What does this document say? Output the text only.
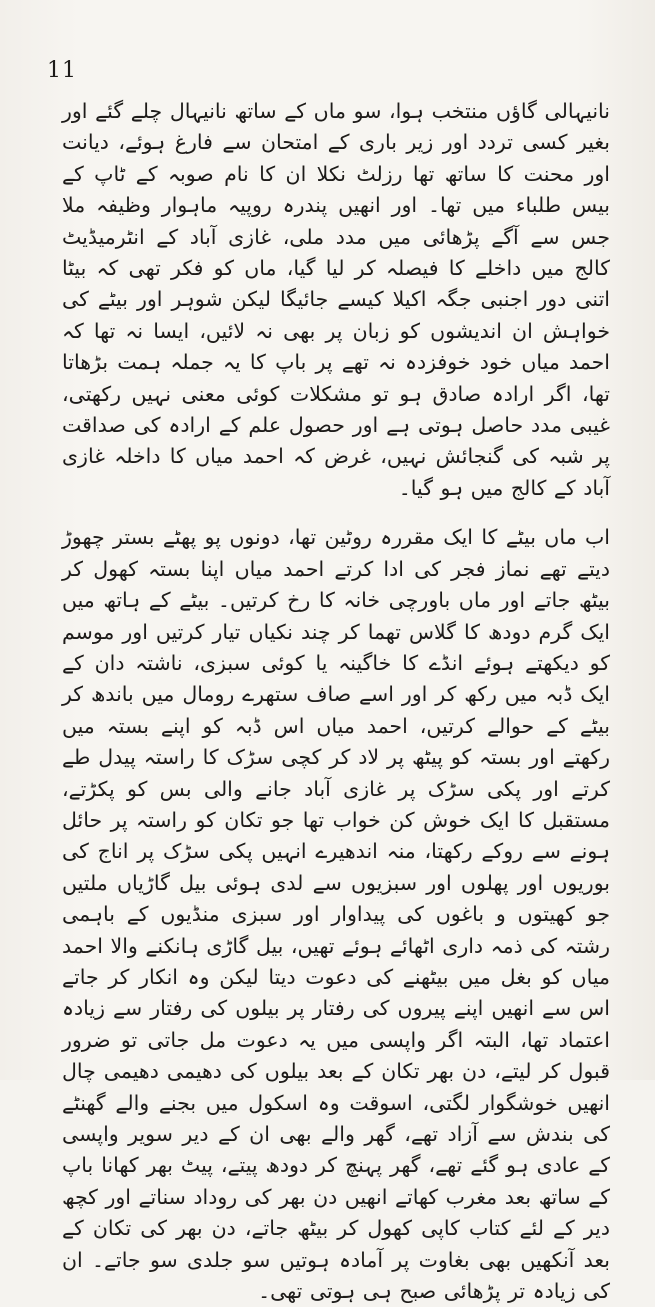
11

نانیہالی گاؤں منتخب ہوا، سو ماں کے ساتھ نانیہال چلے گئے اور بغیر کسی تردد اور زیر باری کے امتحان سے فارغ ہوئے، دیانت اور محنت کا ساتھ تھا رزلٹ نکلا ان کا نام صوبہ کے ٹاپ کے بیس طلباء میں تھا۔ اور انھیں پندرہ روپیہ ماہوار وظیفہ ملا جس سے آگے پڑھائی میں مدد ملی، غازی آباد کے انٹرمیڈیٹ کالج میں داخلے کا فیصلہ کر لیا گیا، ماں کو فکر تھی کہ بیٹا اتنی دور اجنبی جگہ اکیلا کیسے جائیگا لیکن شوہر اور بیٹے کی خواہش ان اندیشوں کو زبان پر بھی نہ لائیں، ایسا نہ تھا کہ احمد میاں خود خوفزدہ نہ تھے پر باپ کا یہ جملہ ہمت بڑھاتا تھا، اگر ارادہ صادق ہو تو مشکلات کوئی معنی نہیں رکھتی، غیبی مدد حاصل ہوتی ہے اور حصول علم کے ارادہ کی صداقت پر شبہ کی گنجائش نہیں، غرض کہ احمد میاں کا داخلہ غازی آباد کے کالج میں ہو گیا۔

اب ماں بیٹے کا ایک مقررہ روٹین تھا، دونوں پو پھٹے بستر چھوڑ دیتے تھے نماز فجر کی ادا کرتے احمد میاں اپنا بستہ کھول کر بیٹھ جاتے اور ماں باورچی خانہ کا رخ کرتیں۔ بیٹے کے ہاتھ میں ایک گرم دودھ کا گلاس تھما کر چند نکیاں تیار کرتیں اور موسم کو دیکھتے ہوئے انڈے کا خاگینہ یا کوئی سبزی، ناشتہ دان کے ایک ڈبہ میں رکھ کر اور اسے صاف ستھرے رومال میں باندھ کر بیٹے کے حوالے کرتیں، احمد میاں اس ڈبہ کو اپنے بستہ میں رکھتے اور بستہ کو پیٹھ پر لاد کر کچی سڑک کا راستہ پیدل طے کرتے اور پکی سڑک پر غازی آباد جانے والی بس کو پکڑتے، مستقبل کا ایک خوش کن خواب تھا جو تکان کو راستہ پر حائل ہونے سے روکے رکھتا، منہ اندھیرے انہیں پکی سڑک پر اناج کی بوریوں اور پھلوں اور سبزیوں سے لدی ہوئی بیل گاڑیاں ملتیں جو کھیتوں و باغوں کی پیداوار اور سبزی منڈیوں کے باہمی رشتہ کی ذمہ داری اٹھائے ہوئے تھیں، بیل گاڑی ہانکنے والا احمد میاں کو بغل میں بیٹھنے کی دعوت دیتا لیکن وہ انکار کر جاتے اس سے انھیں اپنے پیروں کی رفتار پر بیلوں کی رفتار سے زیادہ اعتماد تھا، البتہ اگر واپسی میں یہ دعوت مل جاتی تو ضرور قبول کر لیتے، دن بھر تکان کے بعد بیلوں کی دھیمی دھیمی چال انھیں خوشگوار لگتی، اسوقت وہ اسکول میں بجنے والے گھنٹے کی بندش سے آزاد تھے، گھر والے بھی ان کے دیر سویر واپسی کے عادی ہو گئے تھے، گھر پہنچ کر دودھ پیتے، پیٹ بھر کھانا باپ کے ساتھ بعد مغرب کھاتے انھیں دن بھر کی روداد سناتے اور کچھ دیر کے لئے کتاب کاپی کھول کر بیٹھ جاتے، دن بھر کی تکان کے بعد آنکھیں بھی بغاوت پر آمادہ ہوتیں سو جلدی سو جاتے۔ ان کی زیادہ تر پڑھائی صبح ہی ہوتی تھی۔
